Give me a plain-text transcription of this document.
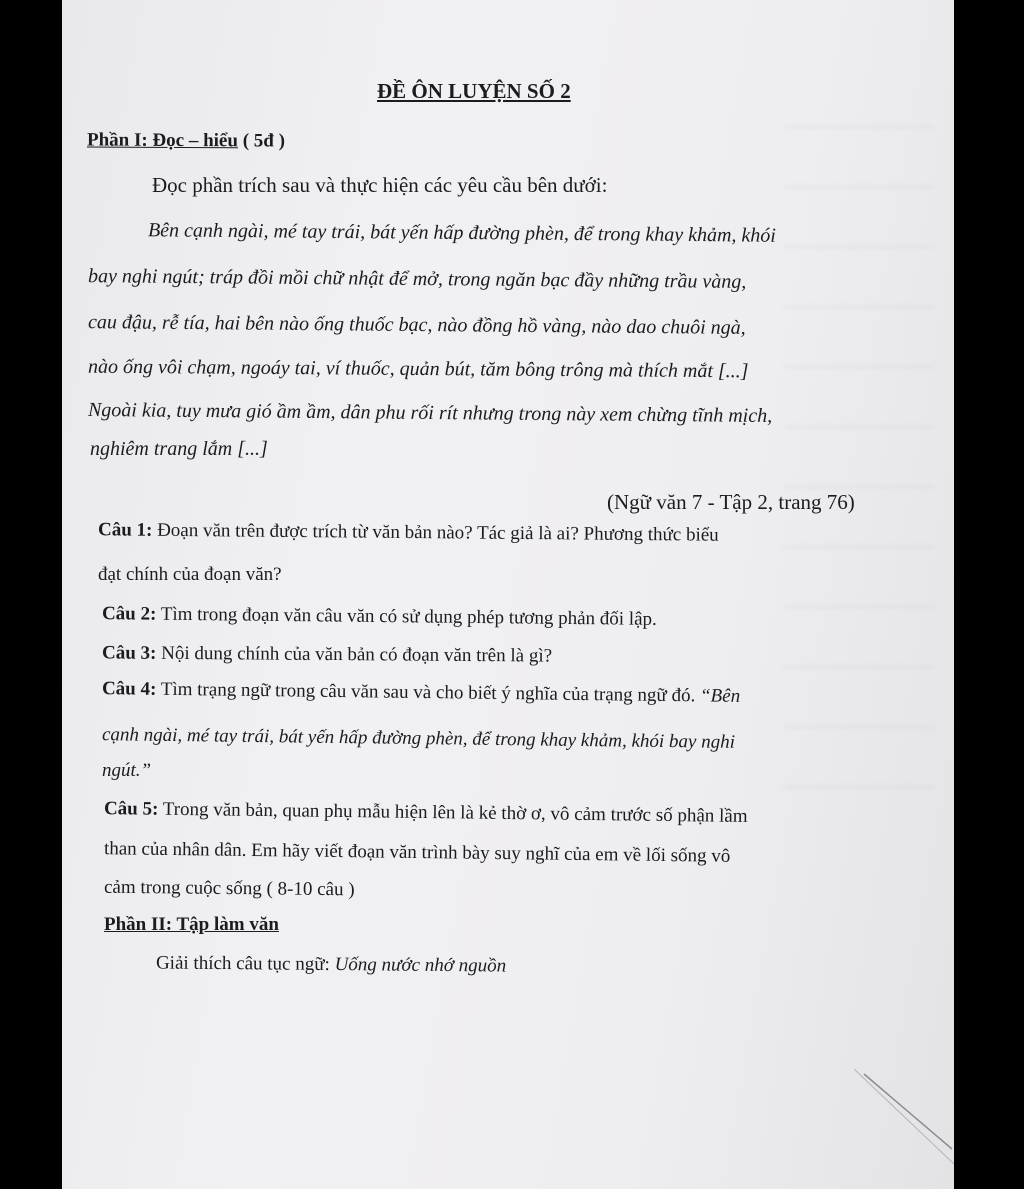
ĐỀ ÔN LUYỆN SỐ 2
Phần I: Đọc – hiểu ( 5đ )
Đọc phần trích sau và thực hiện các yêu cầu bên dưới:
Bên cạnh ngài, mé tay trái, bát yến hấp đường phèn, để trong khay khảm, khói
bay nghi ngút; tráp đồi mồi chữ nhật để mở, trong ngăn bạc đầy những trầu vàng,
cau đậu, rễ tía, hai bên nào ống thuốc bạc, nào đồng hồ vàng, nào dao chuôi ngà,
nào ống vôi chạm, ngoáy tai, ví thuốc, quản bút, tăm bông trông mà thích mắt [...]
Ngoài kia, tuy mưa gió ầm ầm, dân phu rối rít nhưng trong này xem chừng tĩnh mịch,
nghiêm trang lắm [...]
(Ngữ văn 7 - Tập 2, trang 76)
Câu 1: Đoạn văn trên được trích từ văn bản nào? Tác giả là ai? Phương thức biểu
đạt chính của đoạn văn?
Câu 2: Tìm trong đoạn văn câu văn có sử dụng phép tương phản đối lập.
Câu 3: Nội dung chính của văn bản có đoạn văn trên là gì?
Câu 4: Tìm trạng ngữ trong câu văn sau và cho biết ý nghĩa của trạng ngữ đó. “Bên
cạnh ngài, mé tay trái, bát yến hấp đường phèn, để trong khay khảm, khói bay nghi
ngút.”
Câu 5: Trong văn bản, quan phụ mẫu hiện lên là kẻ thờ ơ, vô cảm trước số phận lầm
than của nhân dân. Em hãy viết đoạn văn trình bày suy nghĩ của em về lối sống vô
cảm trong cuộc sống ( 8-10 câu )
Phần II: Tập làm văn
Giải thích câu tục ngữ: Uống nước nhớ nguồn
